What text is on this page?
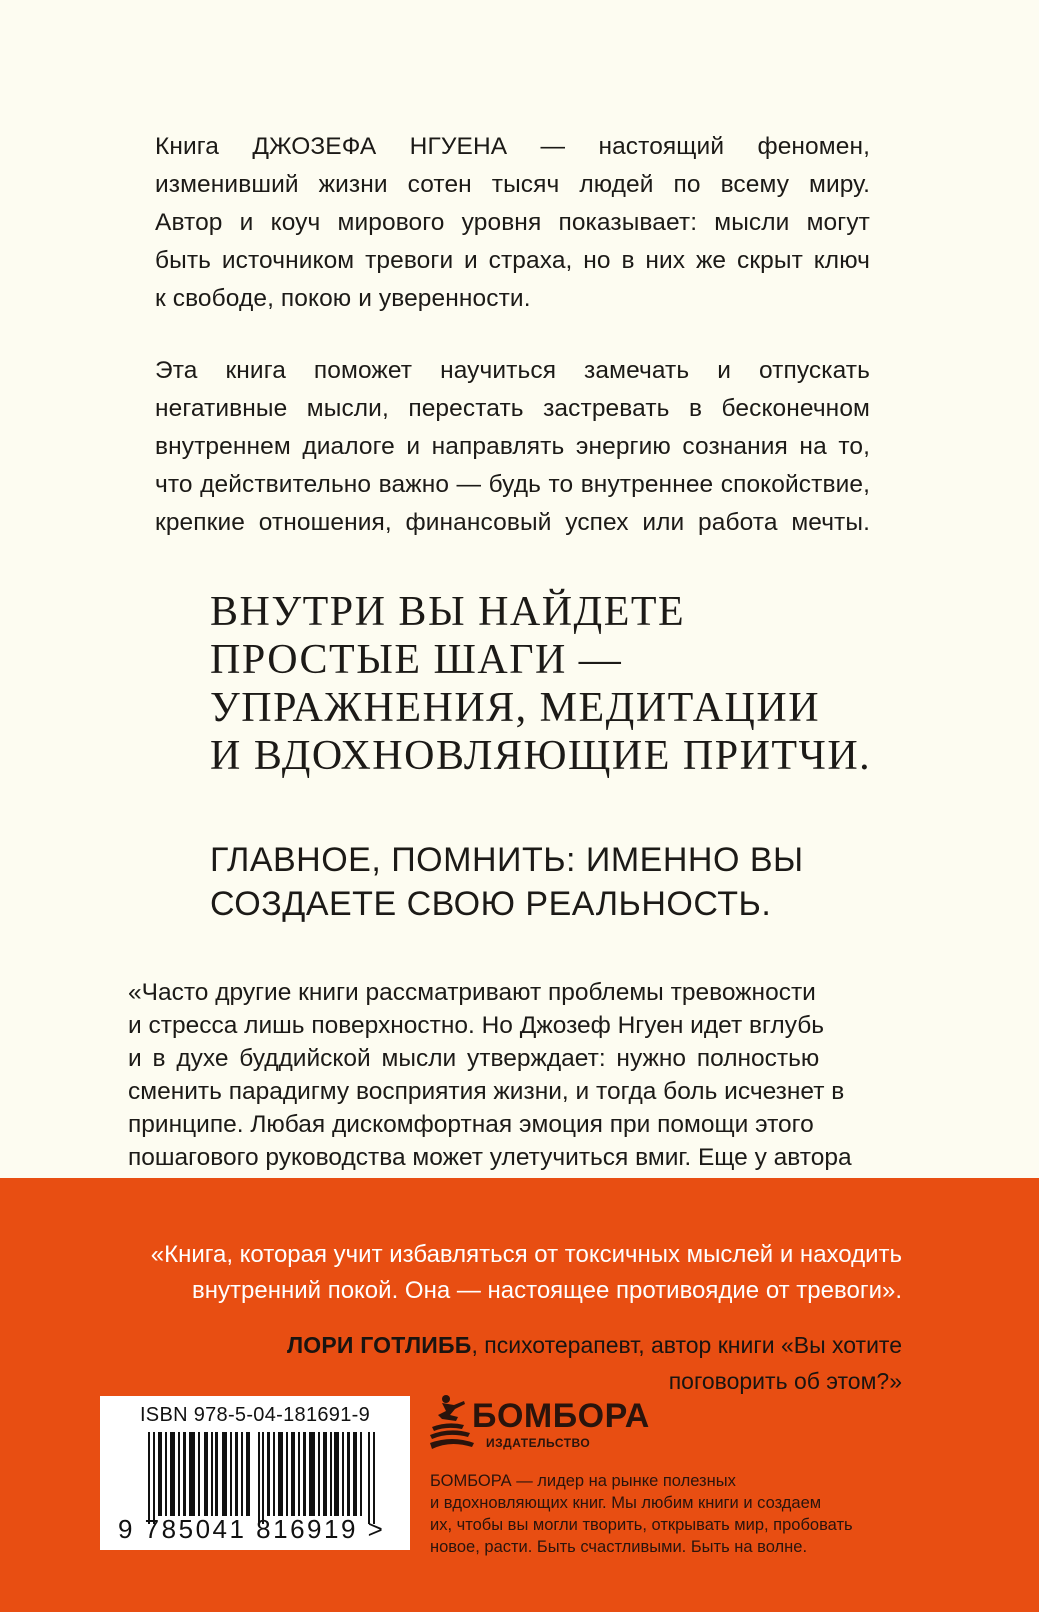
Книга ДЖОЗЕФА НГУЕНА — настоящий феномен,
изменивший жизни сотен тысяч людей по всему миру.
Автор и коуч мирового уровня показывает: мысли могут
быть источником тревоги и страха, но в них же скрыт ключ
к свободе, покою и уверенности.
Эта книга поможет научиться замечать и отпускать
негативные мысли, перестать застревать в бесконечном
внутреннем диалоге и направлять энергию сознания на то,
что действительно важно — будь то внутреннее спокойствие,
крепкие отношения, финансовый успех или работа мечты.
ВНУТРИ ВЫ НАЙДЕТЕ
ПРОСТЫЕ ШАГИ —
УПРАЖНЕНИЯ, МЕДИТАЦИИ
И ВДОХНОВЛЯЮЩИЕ ПРИТЧИ.
ГЛАВНОЕ, ПОМНИТЬ: ИМЕННО ВЫ
СОЗДАЕТЕ СВОЮ РЕАЛЬНОСТЬ.
«Часто другие книги рассматривают проблемы тревожности
и стресса лишь поверхностно. Но Джозеф Нгуен идет вглубь
и в духе буддийской мысли утверждает: нужно полностью
сменить парадигму восприятия жизни, и тогда боль исчезнет в
принципе. Любая дискомфортная эмоция при помощи этого
пошагового руководства может улетучиться вмиг. Еще у автора
«Книга, которая учит избавляться от токсичных мыслей и находить
внутренний покой. Она — настоящее противоядие от тревоги».
ЛОРИ ГОТЛИББ, психотерапевт, автор книги «Вы хотите
поговорить об этом?»
ISBN 978-5-04-181691-9
9 785041 816919 >
БОМБОРА
ИЗДАТЕЛЬСТВО
БОМБОРА — лидер на рынке полезных
и вдохновляющих книг. Мы любим книги и создаем
их, чтобы вы могли творить, открывать мир, пробовать
новое, расти. Быть счастливыми. Быть на волне.
